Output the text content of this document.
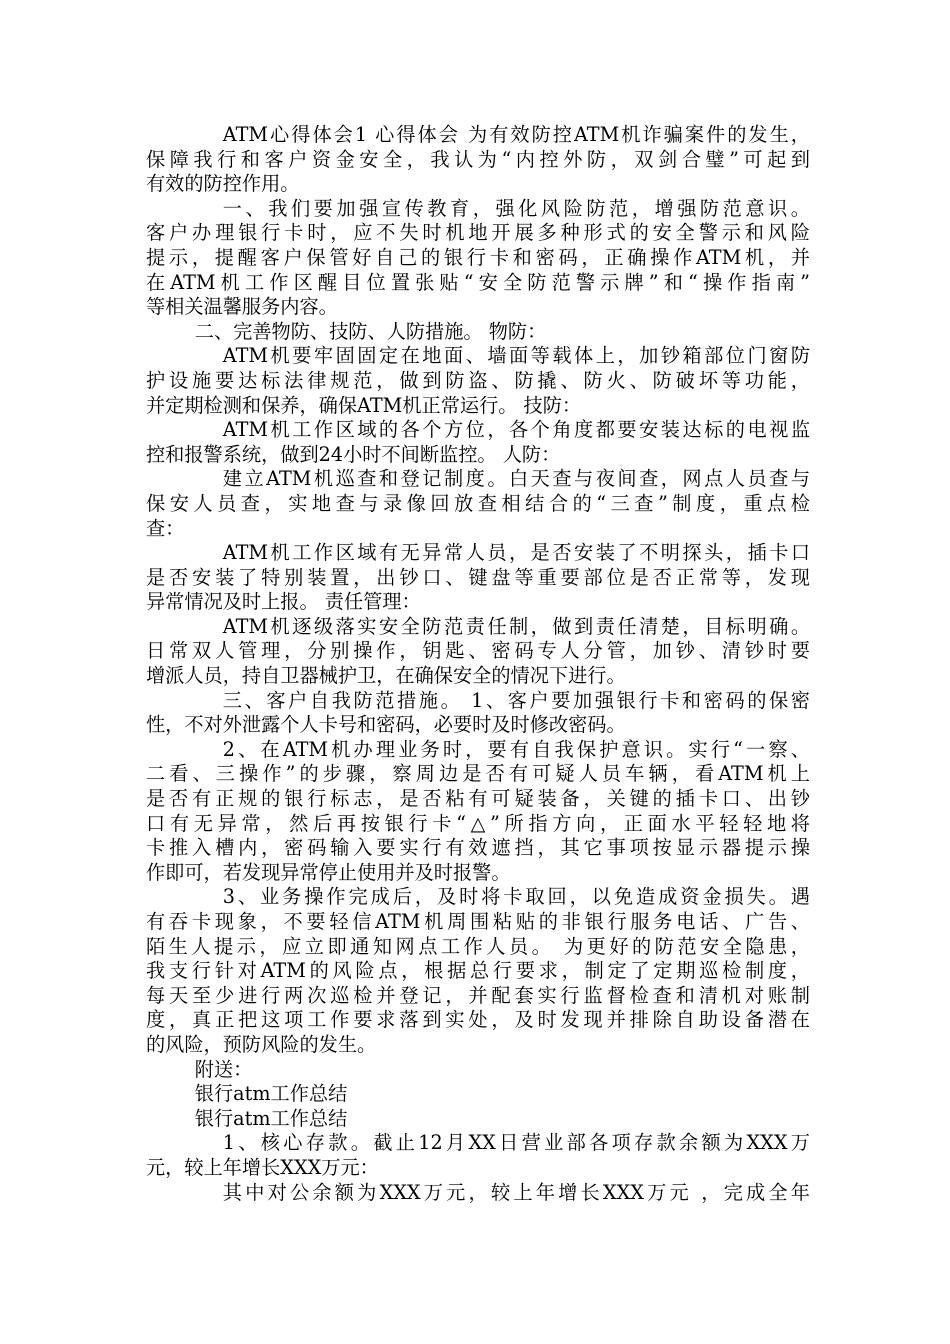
ATM心得体会1 心得体会 为有效防控ATM机诈骗案件的发生，
保障我行和客户资金安全，我认为“内控外防，双剑合璧”可起到
有效的防控作用。
一、我们要加强宣传教育，强化风险防范，增强防范意识。
客户办理银行卡时，应不失时机地开展多种形式的安全警示和风险
提示，提醒客户保管好自己的银行卡和密码，正确操作ATM机，并
在ATM机工作区醒目位置张贴“安全防范警示牌”和“操作指南”
等相关温馨服务内容。
二、完善物防、技防、人防措施。 物防：
ATM机要牢固固定在地面、墙面等载体上，加钞箱部位门窗防
护设施要达标法律规范，做到防盗、防撬、防火、防破坏等功能，
并定期检测和保养，确保ATM机正常运行。 技防：
ATM机工作区域的各个方位，各个角度都要安装达标的电视监
控和报警系统，做到24小时不间断监控。 人防：
建立ATM机巡查和登记制度。白天查与夜间查，网点人员查与
保安人员查，实地查与录像回放查相结合的“三查”制度，重点检
查：
ATM机工作区域有无异常人员，是否安装了不明探头，插卡口
是否安装了特别装置，出钞口、键盘等重要部位是否正常等，发现
异常情况及时上报。 责任管理：
ATM机逐级落实安全防范责任制，做到责任清楚，目标明确。
日常双人管理，分别操作，钥匙、密码专人分管，加钞、清钞时要
增派人员，持自卫器械护卫，在确保安全的情况下进行。
三、客户自我防范措施。 1、客户要加强银行卡和密码的保密
性，不对外泄露个人卡号和密码，必要时及时修改密码。
2、在ATM机办理业务时，要有自我保护意识。实行“一察、
二看、三操作”的步骤，察周边是否有可疑人员车辆，看ATM机上
是否有正规的银行标志，是否粘有可疑装备，关键的插卡口、出钞
口有无异常，然后再按银行卡“△”所指方向，正面水平轻轻地将
卡推入槽内，密码输入要实行有效遮挡，其它事项按显示器提示操
作即可，若发现异常停止使用并及时报警。
3、业务操作完成后，及时将卡取回，以免造成资金损失。遇
有吞卡现象，不要轻信ATM机周围粘贴的非银行服务电话、广告、
陌生人提示，应立即通知网点工作人员。 为更好的防范安全隐患，
我支行针对ATM的风险点，根据总行要求，制定了定期巡检制度，
每天至少进行两次巡检并登记，并配套实行监督检查和清机对账制
度，真正把这项工作要求落到实处，及时发现并排除自助设备潜在
的风险，预防风险的发生。
附送：
银行atm工作总结
银行atm工作总结
1、核心存款。截止12月XX日营业部各项存款余额为XXX万
元，较上年增长XXX万元：
其中对公余额为XXX万元，较上年增长XXX万元 ，完成全年
